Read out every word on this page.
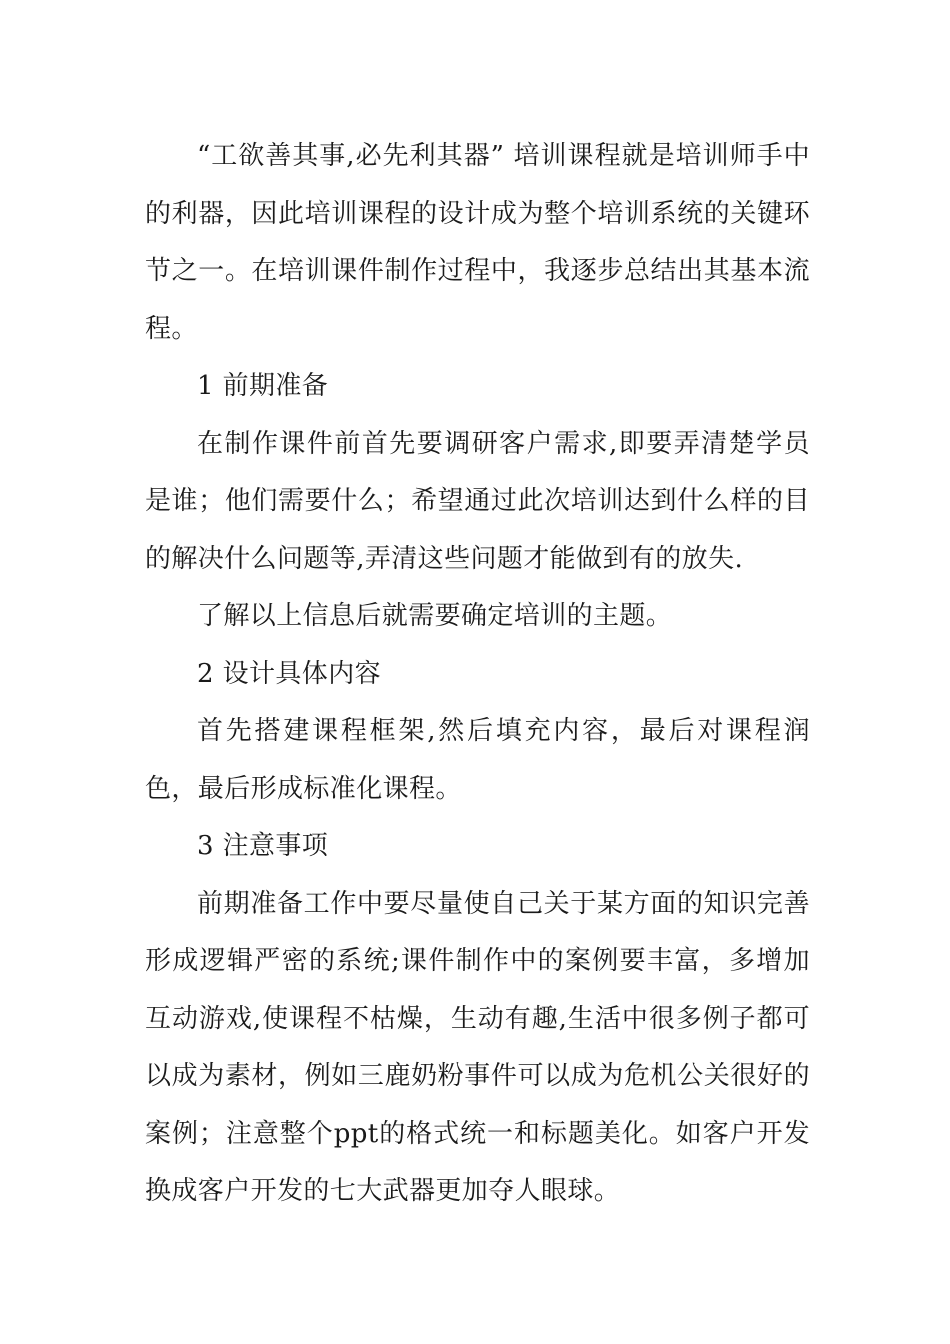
“工欲善其事,必先利其器” 培训课程就是培训师手中的利器，因此培训课程的设计成为整个培训系统的关键环节之一。在培训课件制作过程中，我逐步总结出其基本流程。

1 前期准备

在制作课件前首先要调研客户需求,即要弄清楚学员是谁；他们需要什么；希望通过此次培训达到什么样的目的解决什么问题等,弄清这些问题才能做到有的放失.

了解以上信息后就需要确定培训的主题。

2 设计具体内容

首先搭建课程框架,然后填充内容，最后对课程润色，最后形成标准化课程。

3 注意事项

前期准备工作中要尽量使自己关于某方面的知识完善形成逻辑严密的系统;课件制作中的案例要丰富，多增加互动游戏,使课程不枯燥，生动有趣,生活中很多例子都可以成为素材，例如三鹿奶粉事件可以成为危机公关很好的案例；注意整个ppt的格式统一和标题美化。如客户开发换成客户开发的七大武器更加夺人眼球。
